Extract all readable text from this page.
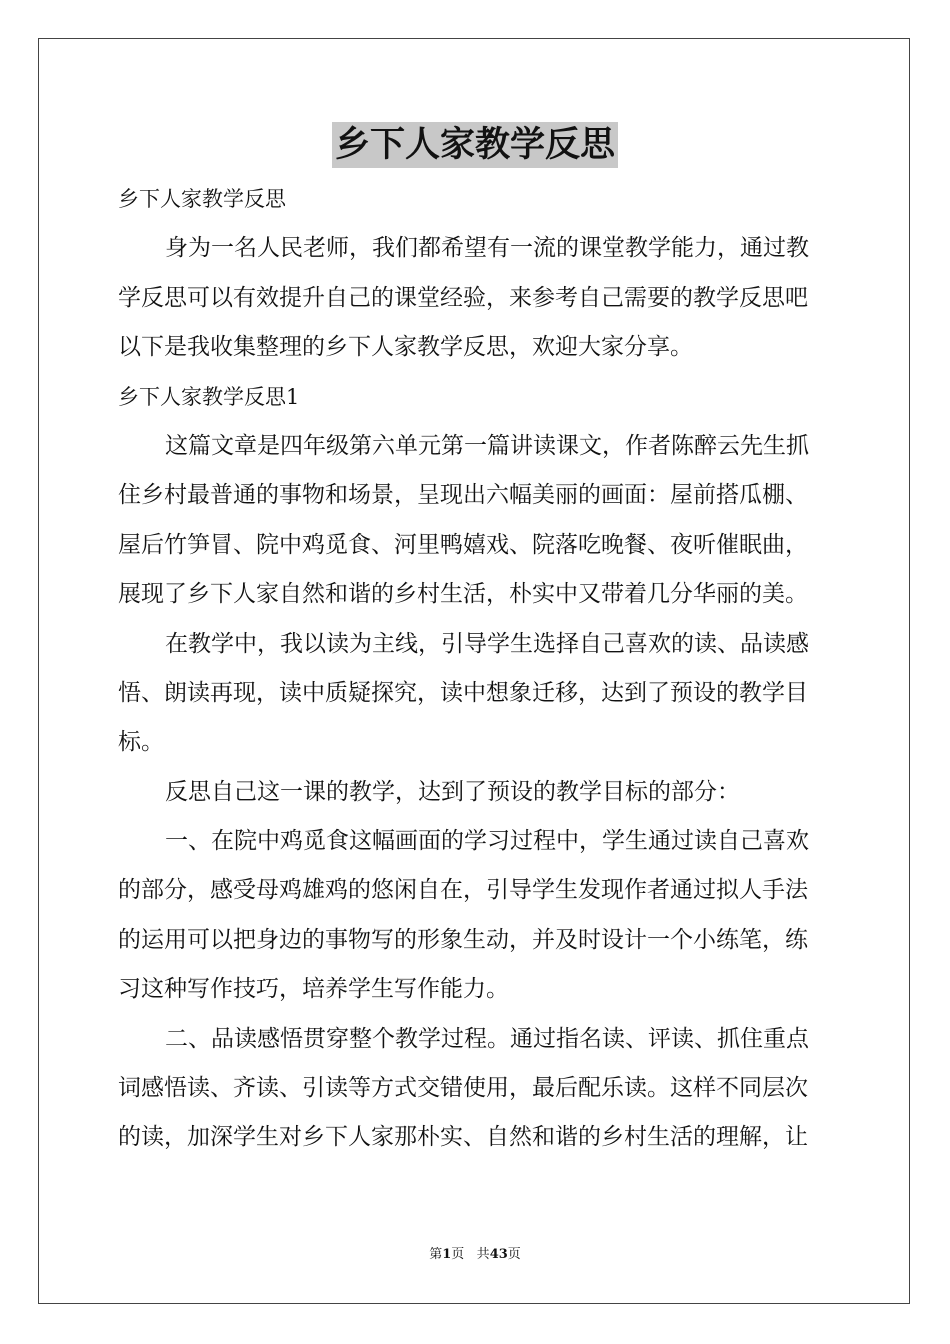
乡下人家教学反思
乡下人家教学反思
身为一名人民老师，我们都希望有一流的课堂教学能力，通过教
学反思可以有效提升自己的课堂经验，来参考自己需要的教学反思吧
以下是我收集整理的乡下人家教学反思，欢迎大家分享。
乡下人家教学反思1
这篇文章是四年级第六单元第一篇讲读课文，作者陈醉云先生抓
住乡村最普通的事物和场景，呈现出六幅美丽的画面：屋前搭瓜棚、
屋后竹笋冒、院中鸡觅食、河里鸭嬉戏、院落吃晚餐、夜听催眠曲，
展现了乡下人家自然和谐的乡村生活，朴实中又带着几分华丽的美。
在教学中，我以读为主线，引导学生选择自己喜欢的读、品读感
悟、朗读再现，读中质疑探究，读中想象迁移，达到了预设的教学目
标。
反思自己这一课的教学，达到了预设的教学目标的部分：
一、在院中鸡觅食这幅画面的学习过程中，学生通过读自己喜欢
的部分，感受母鸡雄鸡的悠闲自在，引导学生发现作者通过拟人手法
的运用可以把身边的事物写的形象生动，并及时设计一个小练笔，练
习这种写作技巧，培养学生写作能力。
二、品读感悟贯穿整个教学过程。通过指名读、评读、抓住重点
词感悟读、齐读、引读等方式交错使用，最后配乐读。这样不同层次
的读，加深学生对乡下人家那朴实、自然和谐的乡村生活的理解，让
第1页 共43页
